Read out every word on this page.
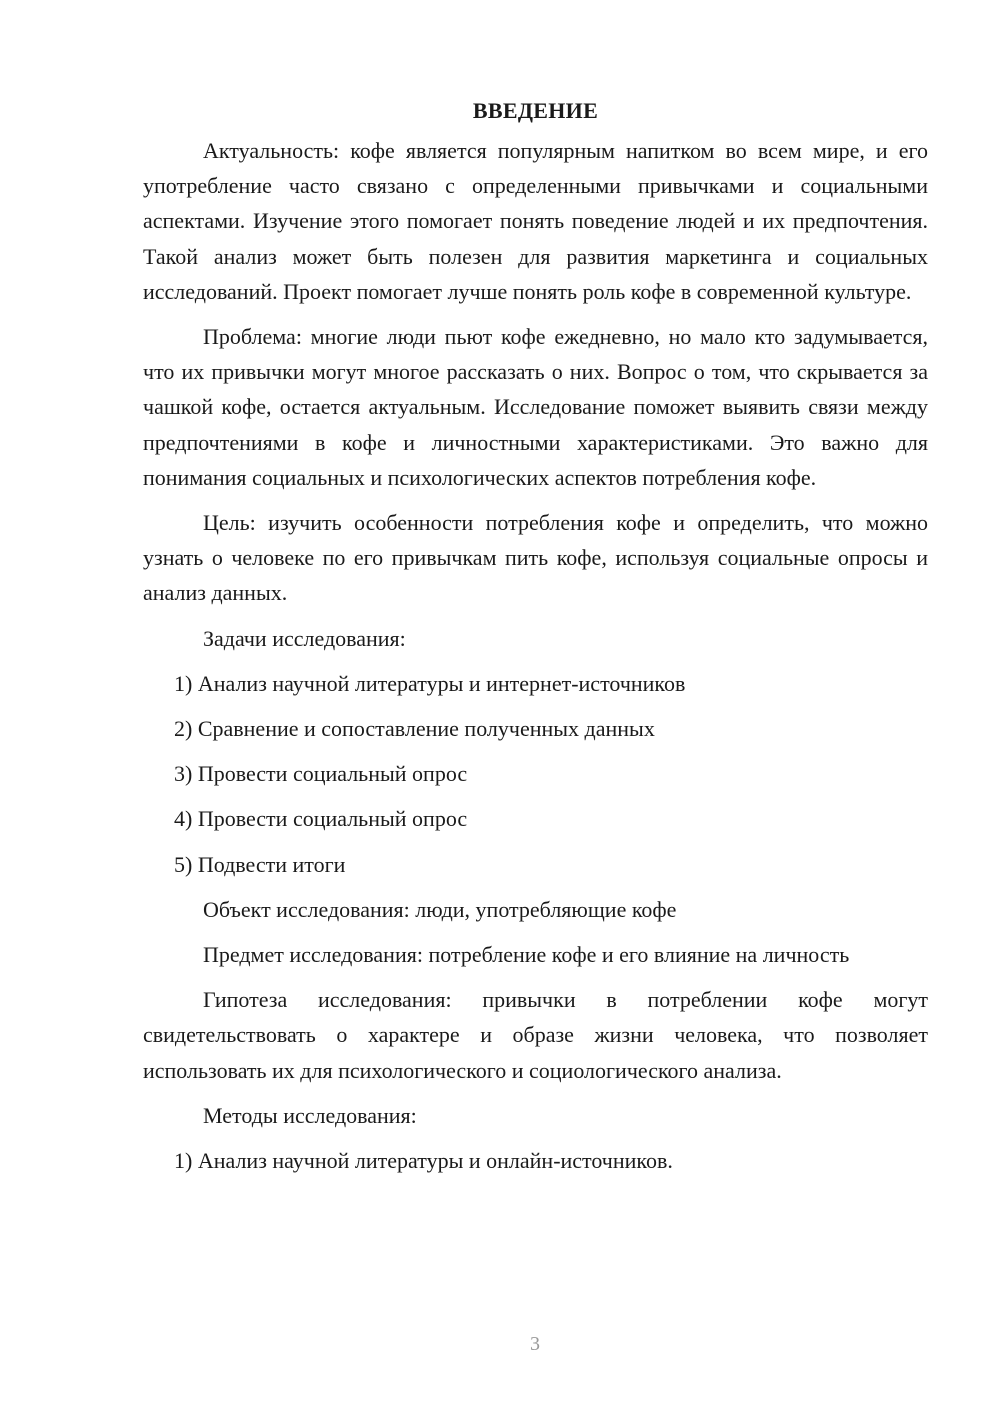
ВВЕДЕНИЕ

Актуальность: кофе является популярным напитком во всем мире, и его употребление часто связано с определенными привычками и социальными аспектами. Изучение этого помогает понять поведение людей и их предпочтения. Такой анализ может быть полезен для развития маркетинга и социальных исследований. Проект помогает лучше понять роль кофе в современной культуре.

Проблема: многие люди пьют кофе ежедневно, но мало кто задумывается, что их привычки могут многое рассказать о них. Вопрос о том, что скрывается за чашкой кофе, остается актуальным. Исследование поможет выявить связи между предпочтениями в кофе и личностными характеристиками. Это важно для понимания социальных и психологических аспектов потребления кофе.

Цель: изучить особенности потребления кофе и определить, что можно узнать о человеке по его привычкам пить кофе, используя социальные опросы и анализ данных.

Задачи исследования:
1) Анализ научной литературы и интернет-источников
2) Сравнение и сопоставление полученных данных
3) Провести социальный опрос
4) Провести социальный опрос
5) Подвести итоги
Объект исследования: люди, употребляющие кофе

Предмет исследования: потребление кофе и его влияние на личность

Гипотеза исследования: привычки в потреблении кофе могут свидетельствовать о характере и образе жизни человека, что позволяет использовать их для психологического и социологического анализа.

Методы исследования:
1) Анализ научной литературы и онлайн-источников.
3
